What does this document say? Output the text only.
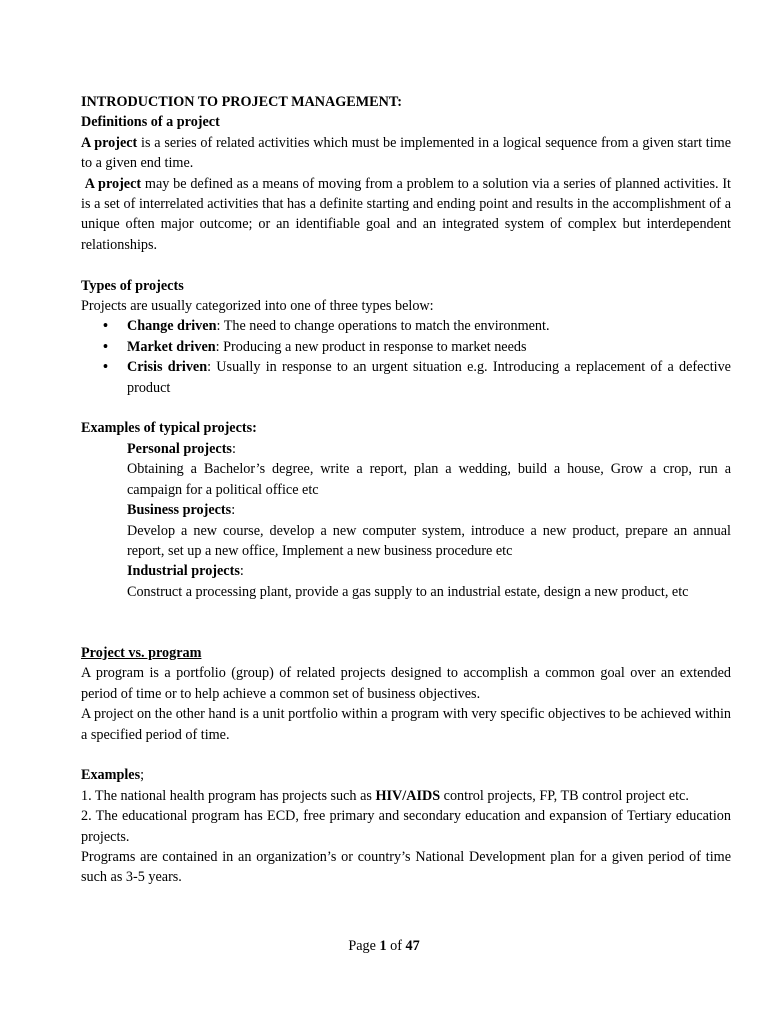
INTRODUCTION TO PROJECT MANAGEMENT:

Definitions of a project

A project is a series of related activities which must be implemented in a logical sequence from a given start time to a given end time.

A project may be defined as a means of moving from a problem to a solution via a series of planned activities. It is a set of interrelated activities that has a definite starting and ending point and results in the accomplishment of a unique often major outcome; or an identifiable goal and an integrated system of complex but interdependent relationships.

Types of projects

Projects are usually categorized into one of three types below:

• Change driven: The need to change operations to match the environment.
• Market driven: Producing a new product in response to market needs
• Crisis driven: Usually in response to an urgent situation e.g. Introducing a replacement of a defective product

Examples of typical projects:

Personal projects:

Obtaining a Bachelor’s degree, write a report, plan a wedding, build a house, Grow a crop, run a campaign for a political office etc

Business projects:

Develop a new course, develop a new computer system, introduce a new product, prepare an annual report, set up a new office, Implement a new business procedure etc

Industrial projects:

Construct a processing plant, provide a gas supply to an industrial estate, design a new product, etc

Project vs. program

A program is a portfolio (group) of related projects designed to accomplish a common goal over an extended period of time or to help achieve a common set of business objectives.

A project on the other hand is a unit portfolio within a program with very specific objectives to be achieved within a specified period of time.

Examples;

1. The national health program has projects such as HIV/AIDS control projects, FP, TB control project etc.

2. The educational program has ECD, free primary and secondary education and expansion of Tertiary education projects.

Programs are contained in an organization’s or country’s National Development plan for a given period of time such as 3-5 years.

Page 1 of 47
